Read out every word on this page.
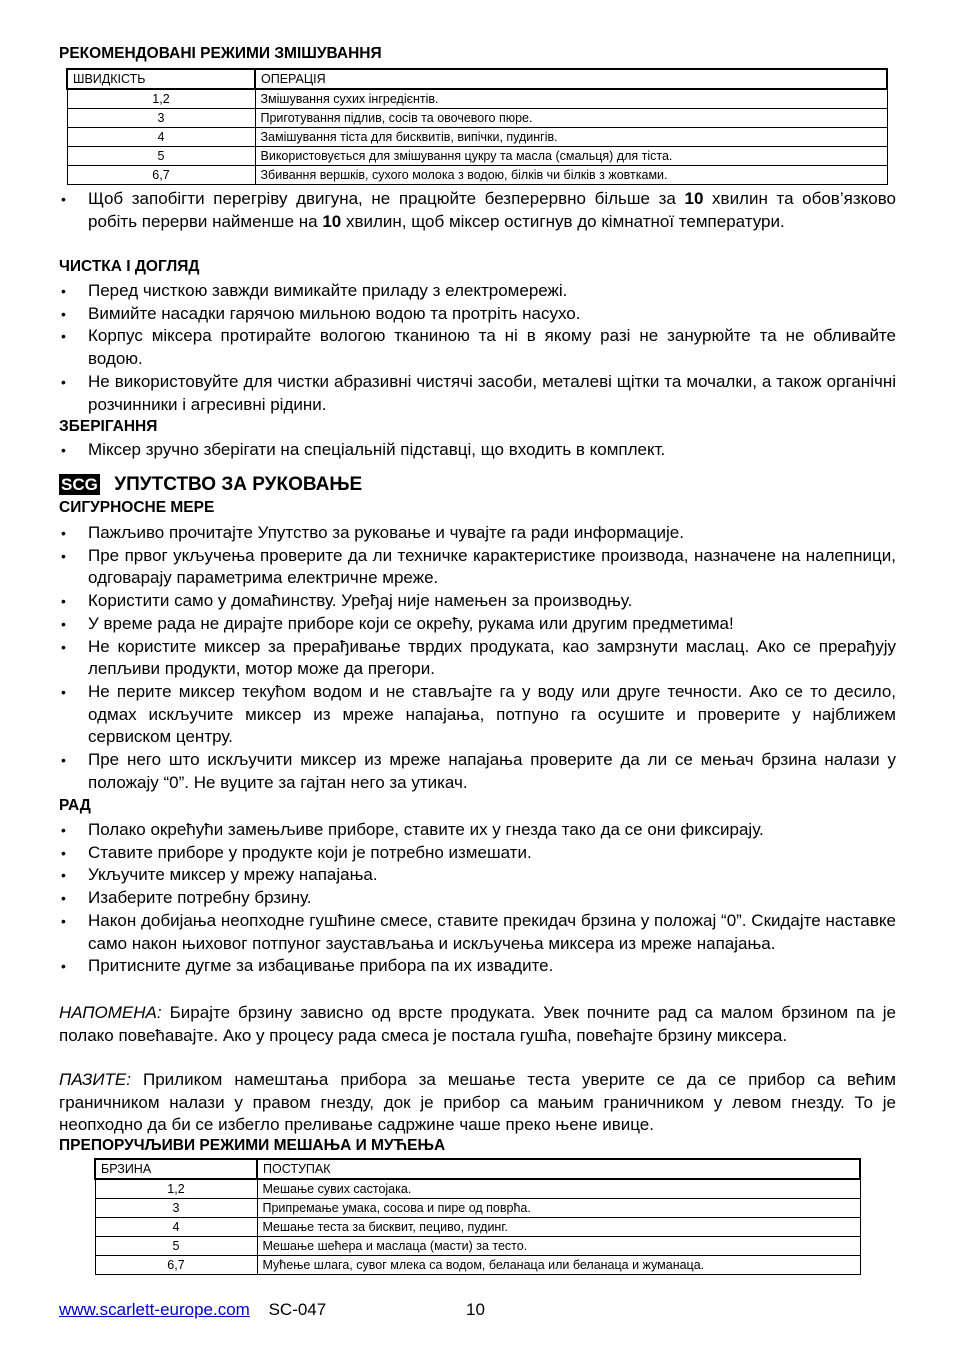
РЕКОМЕНДОВАНІ РЕЖИМИ ЗМІШУВАННЯ
ШВИДКІСТЬ	ОПЕРАЦІЯ
1,2	Змішування сухих інгредієнтів.
3	Приготування підлив, сосів та овочевого пюре.
4	Замішування тіста для бисквитів, випічки, пудингів.
5	Використовується для змішування цукру та масла (смальця) для тіста.
6,7	Збивання вершків, сухого молока з водою, білків чи білків з жовтками.
• Щоб запобігти перегріву двигуна, не працюйте безперервно більше за 10 хвилин та обов’язково робіть перерви найменше на 10 хвилин, щоб міксер остигнув до кімнатної температури.
ЧИСТКА І ДОГЛЯД
• Перед чисткою завжди вимикайте приладу з електромережі.
• Вимийте насадки гарячою мильною водою та протріть насухо.
• Корпус міксера протирайте вологою тканиною та ні в якому разі не занурюйте та не обливайте водою.
• Не використовуйте для чистки абразивні чистячі засоби, металеві щітки та мочалки, а також органічні розчинники і агресивні рідини.
ЗБЕРІГАННЯ
• Міксер зручно зберігати на спеціальній підставці, що входить в комплект.
SCG УПУТСТВО ЗА РУКОВАЊЕ
СИГУРНОСНЕ МЕРЕ
• Пажљиво прочитајте Упутство за руковање и чувајте га ради информације.
• Пре првог укључења проверите да ли техничке карактеристике производа, назначене на налепници, одговарају параметрима електричне мреже.
• Користити само у домаћинству. Уређај није намењен за производњу.
• У време рада не дирајте приборе који се окрећу, рукама или другим предметима!
• Не користите миксер за прерађивање тврдих продуката, као замрзнути маслац. Ако се прерађују лепљиви продукти, мотор може да прегори.
• Не перите миксер текућом водом и не стављајте га у воду или друге течности. Ако се то десило, одмах искључите миксер из мреже напајања, потпуно га осушите и проверите у најближем сервиском центру.
• Пре него што искључити миксер из мреже напајања проверите да ли се мењач брзина налази у положају “0”. Не вуците за гајтан него за утикач.
РАД
• Полако окрећући замењљиве приборе, ставите их у гнезда тако да се они фиксирају.
• Ставите приборе у продукте који је потребно измешати.
• Укључите миксер у мрежу напајања.
• Изаберите потребну брзину.
• Након добијања неопходне гушћине смесе, ставите прекидач брзина у положај “0”. Скидајте наставке само након њиховог потпуног заустављања и искључења миксера из мреже напајања.
• Притисните дугме за избацивање прибора па их извадите.

НАПОМЕНА: Бирајте брзину зависно од врсте продуката. Увек почните рад са малом брзином па је полако повећавајте. Ако у процесу рада смеса је постала гушћа, повећајте брзину миксера.

ПАЗИТЕ: Приликом намештања прибора за мешање теста уверите се да се прибор са већим граничником налази у правом гнезду, док је прибор са мањим граничником у левом гнезду. То је неопходно да би се избегло преливање садржине чаше преко њене ивице.

ПРЕПОРУЧЉИВИ РЕЖИМИ МЕШАЊА И МУЋЕЊА
БРЗИНА	ПОСТУПАК
1,2	Мешање сувих састојака.
3	Припремање умака, сосова и пире од поврћа.
4	Мешање теста за бисквит, пециво, пудинг.
5	Мешање шећера и маслаца (масти) за тесто.
6,7	Мућење шлага, сувог млека са водом, беланаца или беланаца и жуманаца.
www.scarlett-europe.com SC-047	10
